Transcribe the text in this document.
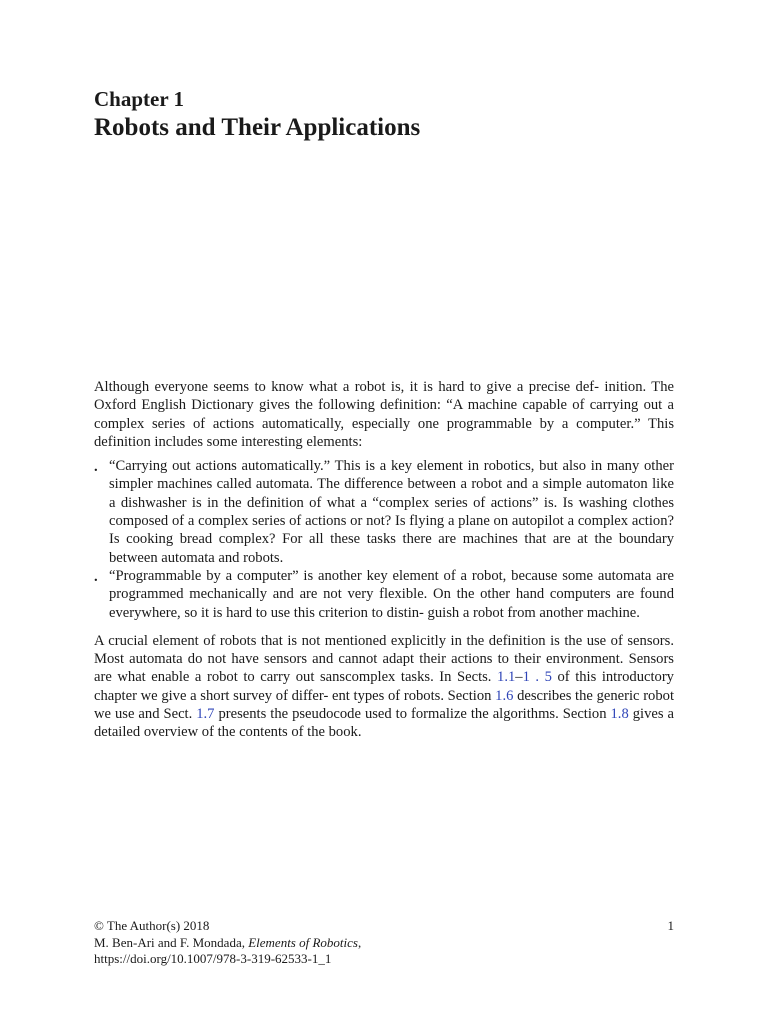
Chapter 1
Robots and Their Applications

Although everyone seems to know what a robot is, it is hard to give a precise def- inition. The Oxford English Dictionary gives the following definition: “A machine capable of carrying out a complex series of actions automatically, especially one programmable by a computer.” This definition includes some interesting elements:

. “Carrying out actions automatically.” This is a key element in robotics, but also in many other simpler machines called automata. The difference between a robot and a simple automaton like a dishwasher is in the definition of what a “complex series of actions” is. Is washing clothes composed of a complex series of actions or not? Is flying a plane on autopilot a complex action? Is cooking bread complex? For all these tasks there are machines that are at the boundary between automata and robots.
. “Programmable by a computer” is another key element of a robot, because some automata are programmed mechanically and are not very flexible. On the other hand computers are found everywhere, so it is hard to use this criterion to distin- guish a robot from another machine.

A crucial element of robots that is not mentioned explicitly in the definition is the use of sensors. Most automata do not have sensors and cannot adapt their actions to their environment. Sensors are what enable a robot to carry out sanscomplex tasks. In Sects. 1.1–1 . 5 of this introductory chapter we give a short survey of differ- ent types of robots. Section 1.6 describes the generic robot we use and Sect. 1.7 presents the pseudocode used to formalize the algorithms. Section 1.8 gives a detailed overview of the contents of the book.

© The Author(s) 2018
M. Ben-Ari and F. Mondada, Elements of Robotics, https://doi.org/10.1007/978-3-319-62533-1_1
1
